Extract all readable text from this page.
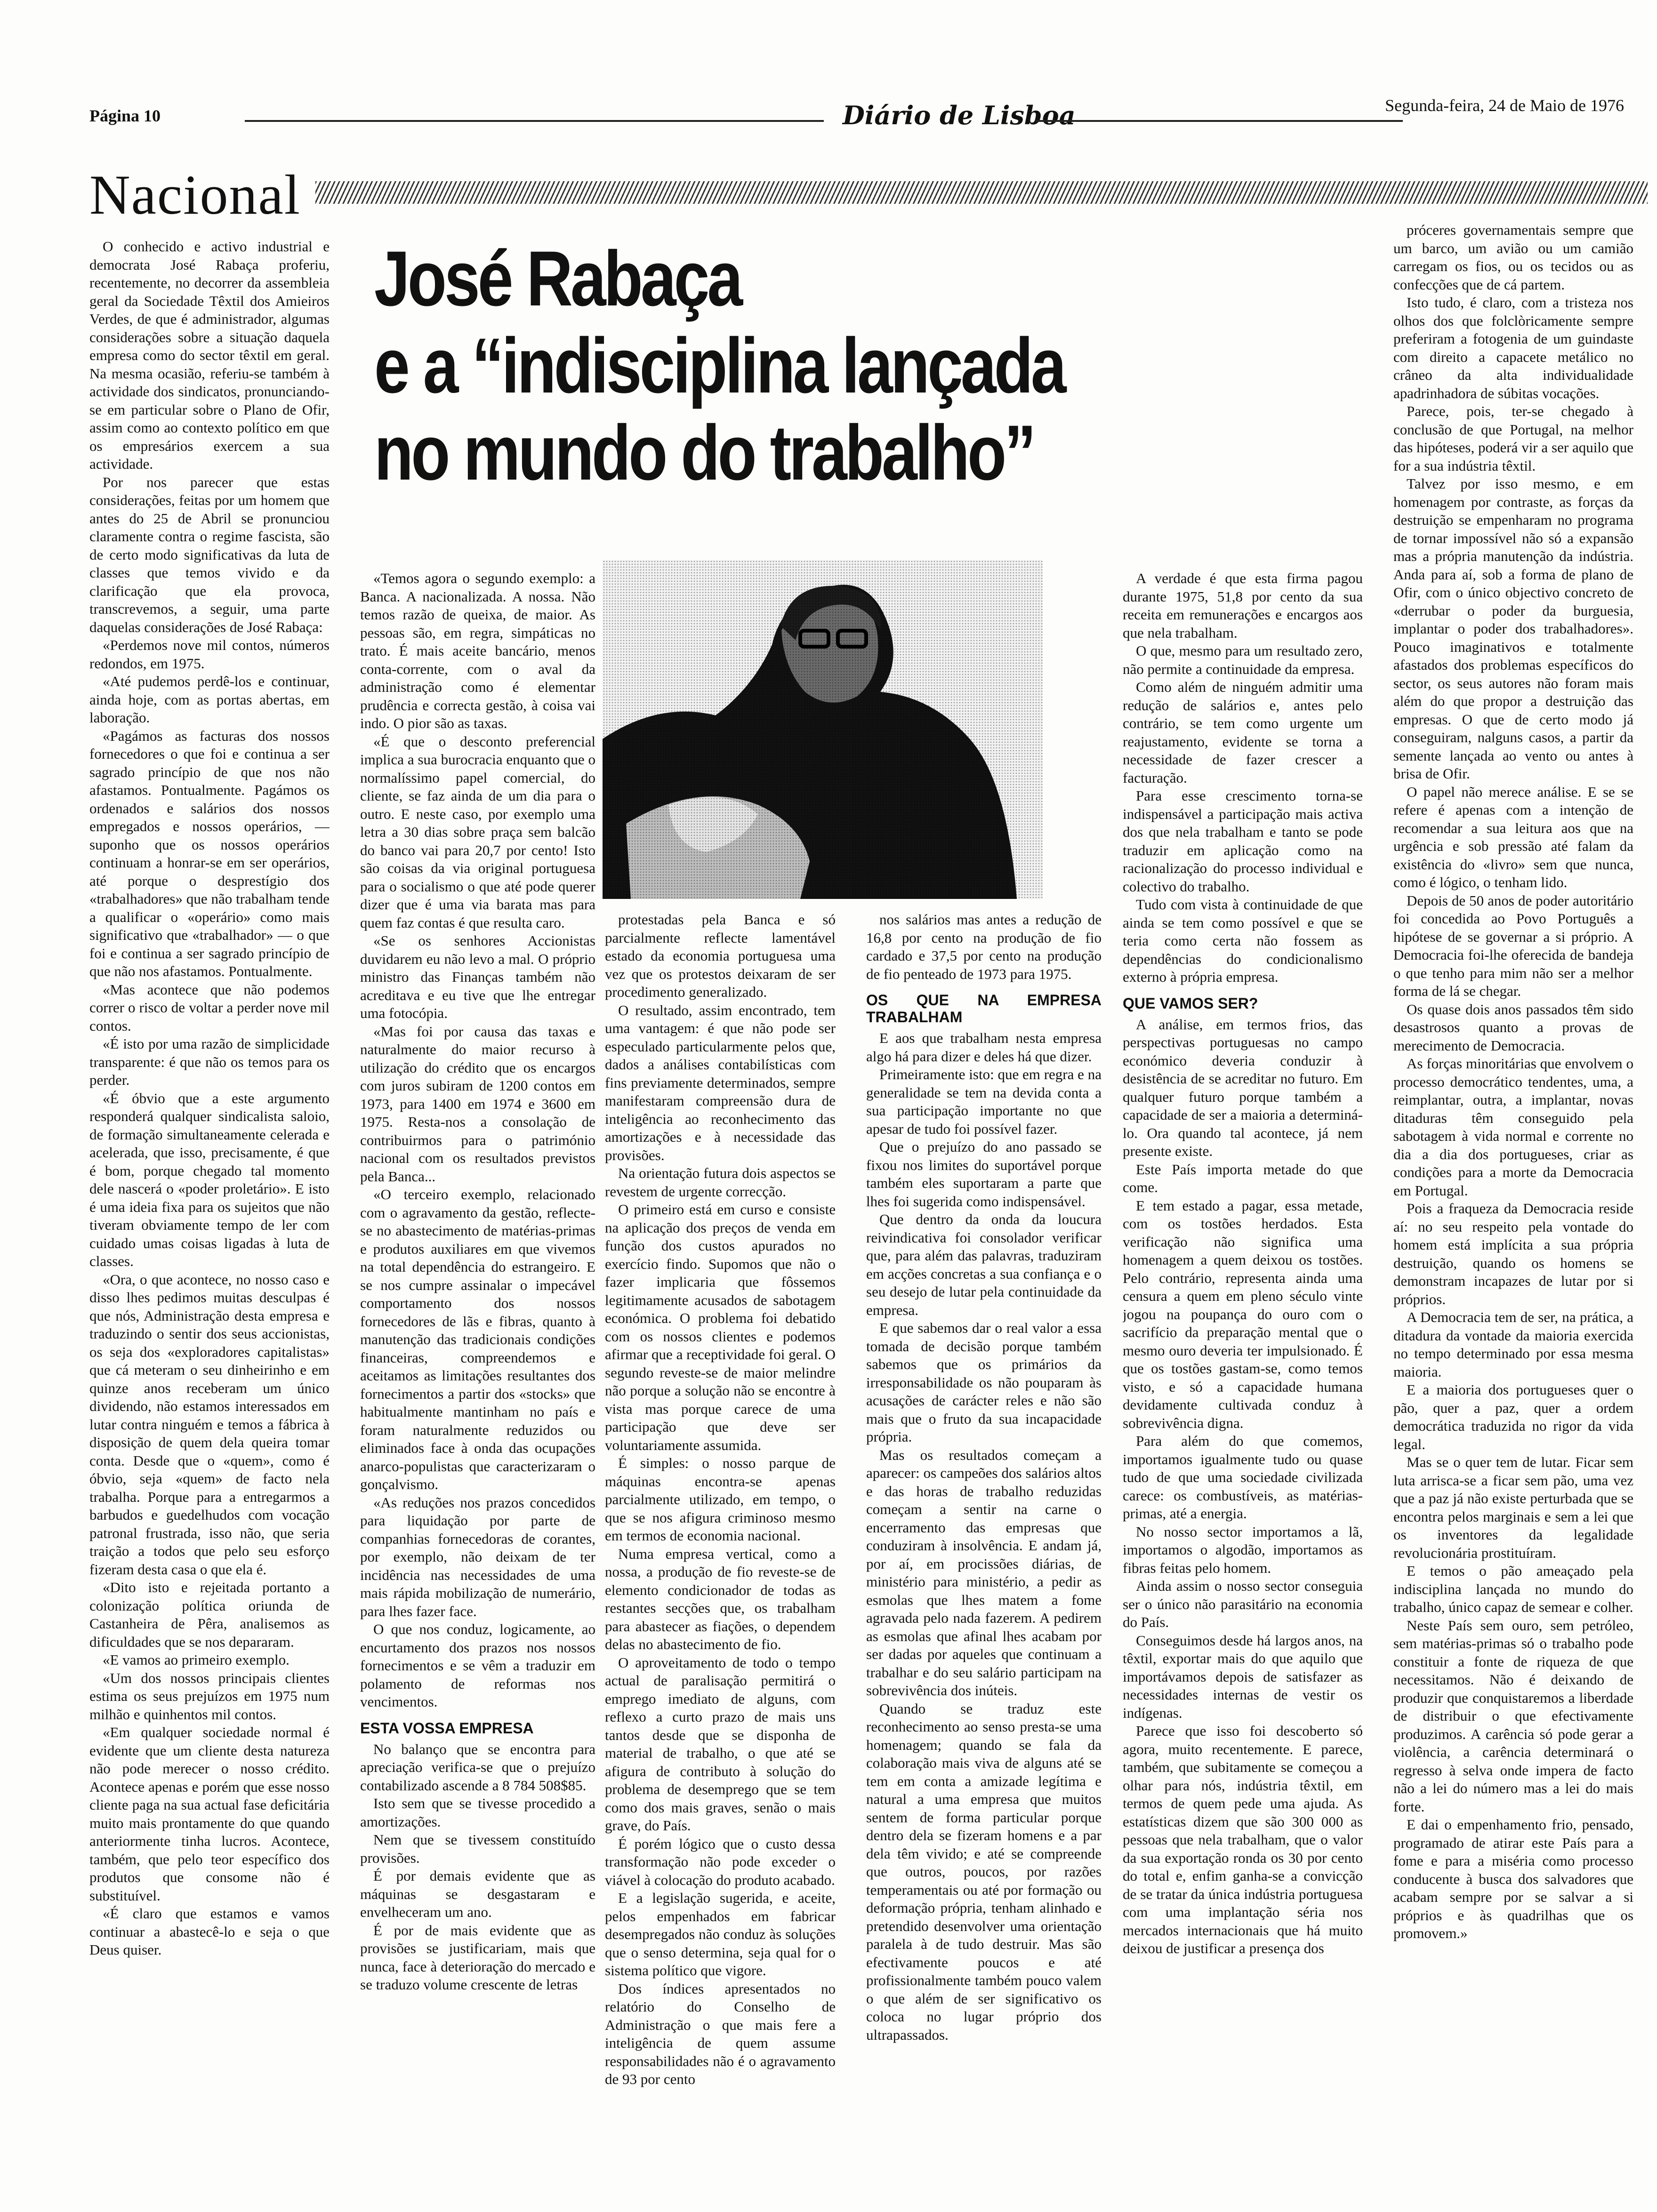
Página 10	Diário de Lisboa	Segunda-feira, 24 de Maio de 1976
Nacional
José Rabaça
e a “indisciplina lançada
no mundo do trabalho”

O conhecido e activo industrial e democrata José Rabaça proferiu, recentemente, no decorrer da assembleia geral da Sociedade Têxtil dos Amieiros Verdes, de que é administrador, algumas considerações sobre a situação daquela empresa como do sector têxtil em geral. Na mesma ocasião, referiu-se também à actividade dos sindicatos, pronunciando-se em particular sobre o Plano de Ofir, assim como ao contexto político em que os empresários exercem a sua actividade.

Por nos parecer que estas considerações, feitas por um homem que antes do 25 de Abril se pronunciou claramente contra o regime fascista, são de certo modo significativas da luta de classes que temos vivido e da clarificação que ela provoca, transcrevemos, a seguir, uma parte daquelas considerações de José Rabaça:

«Perdemos nove mil contos, números redondos, em 1975.

«Até pudemos perdê-los e continuar, ainda hoje, com as portas abertas, em laboração.

«Pagámos as facturas dos nossos fornecedores o que foi e continua a ser sagrado princípio de que nos não afastamos. Pontualmente. Pagámos os ordenados e salários dos nossos empregados e nossos operários, — suponho que os nossos operários continuam a honrar-se em ser operários, até porque o desprestígio dos «trabalhadores» que não trabalham tende a qualificar o «operário» como mais significativo que «trabalhador» — o que foi e continua a ser sagrado princípio de que não nos afastamos. Pontualmente.

«Mas acontece que não podemos correr o risco de voltar a perder nove mil contos.

«É isto por uma razão de simplicidade transparente: é que não os temos para os perder.

«É óbvio que a este argumento responderá qualquer sindicalista saloio, de formação simultaneamente celerada e acelerada, que isso, precisamente, é que é bom, porque chegado tal momento dele nascerá o «poder proletário». E isto é uma ideia fixa para os sujeitos que não tiveram obviamente tempo de ler com cuidado umas coisas ligadas à luta de classes.

«Ora, o que acontece, no nosso caso e disso lhes pedimos muitas desculpas é que nós, Administração desta empresa e traduzindo o sentir dos seus accionistas, os seja dos «exploradores capitalistas» que cá meteram o seu dinheirinho e em quinze anos receberam um único dividendo, não estamos interessados em lutar contra ninguém e temos a fábrica à disposição de quem dela queira tomar conta. Desde que o «quem», como é óbvio, seja «quem» de facto nela trabalha. Porque para a entregarmos a barbudos e guedelhudos com vocação patronal frustrada, isso não, que seria traição a todos que pelo seu esforço fizeram desta casa o que ela é.

«Dito isto e rejeitada portanto a colonização política oriunda de Castanheira de Pêra, analisemos as dificuldades que se nos depararam.

«E vamos ao primeiro exemplo.

«Um dos nossos principais clientes estima os seus prejuízos em 1975 num milhão e quinhentos mil contos.

«Em qualquer sociedade normal é evidente que um cliente desta natureza não pode merecer o nosso crédito. Acontece apenas e porém que esse nosso cliente paga na sua actual fase deficitária muito mais prontamente do que quando anteriormente tinha lucros. Acontece, também, que pelo teor específico dos produtos que consome não é substituível.

«É claro que estamos e vamos continuar a abastecê-lo e seja o que Deus quiser.

«Temos agora o segundo exemplo: a Banca. A nacionalizada. A nossa. Não temos razão de queixa, de maior. As pessoas são, em regra, simpáticas no trato. É mais aceite bancário, menos conta-corrente, com o aval da administração como é elementar prudência e correcta gestão, à coisa vai indo. O pior são as taxas.

«É que o desconto preferencial implica a sua burocracia enquanto que o normalíssimo papel comercial, do cliente, se faz ainda de um dia para o outro. E neste caso, por exemplo uma letra a 30 dias sobre praça sem balcão do banco vai para 20,7 por cento! Isto são coisas da via original portuguesa para o socialismo o que até pode querer dizer que é uma via barata mas para quem faz contas é que resulta caro.

«Se os senhores Accionistas duvidarem eu não levo a mal. O próprio ministro das Finanças também não acreditava e eu tive que lhe entregar uma fotocópia.

«Mas foi por causa das taxas e naturalmente do maior recurso à utilização do crédito que os encargos com juros subiram de 1200 contos em 1973, para 1400 em 1974 e 3600 em 1975. Resta-nos a consolação de contribuirmos para o património nacional com os resultados previstos pela Banca...

«O terceiro exemplo, relacionado com o agravamento da gestão, reflecte-se no abastecimento de matérias-primas e produtos auxiliares em que vivemos na total dependência do estrangeiro. E se nos cumpre assinalar o impecável comportamento dos nossos fornecedores de lãs e fibras, quanto à manutenção das tradicionais condições financeiras, compreendemos e aceitamos as limitações resultantes dos fornecimentos a partir dos «stocks» que habitualmente mantinham no país e foram naturalmente reduzidos ou eliminados face à onda das ocupações anarco-populistas que caracterizaram o gonçalvismo.

«As reduções nos prazos concedidos para liquidação por parte de companhias fornecedoras de corantes, por exemplo, não deixam de ter incidência nas necessidades de uma mais rápida mobilização de numerário, para lhes fazer face.

O que nos conduz, logicamente, ao encurtamento dos prazos nos nossos fornecimentos e se vêm a traduzir em polamento de reformas nos vencimentos.

ESTA VOSSA EMPRESA

No balanço que se encontra para apreciação verifica-se que o prejuízo contabilizado ascende a 8 784 508$85.

Isto sem que se tivesse procedido a amortizações.

Nem que se tivessem constituído provisões.

É por demais evidente que as máquinas se desgastaram e envelheceram um ano.

É por de mais evidente que as provisões se justificariam, mais que nunca, face à deterioração do mercado e se traduzo volume crescente de letras

protestadas pela Banca e só parcialmente reflecte lamentável estado da economia portuguesa uma vez que os protestos deixaram de ser procedimento generalizado.

O resultado, assim encontrado, tem uma vantagem: é que não pode ser especulado particularmente pelos que, dados a análises contabilísticas com fins previamente determinados, sempre manifestaram compreensão dura de inteligência ao reconhecimento das amortizações e à necessidade das provisões.

Na orientação futura dois aspectos se revestem de urgente correcção.

O primeiro está em curso e consiste na aplicação dos preços de venda em função dos custos apurados no exercício findo. Supomos que não o fazer implicaria que fôssemos legitimamente acusados de sabotagem económica. O problema foi debatido com os nossos clientes e podemos afirmar que a receptividade foi geral. O segundo reveste-se de maior melindre não porque a solução não se encontre à vista mas porque carece de uma participação que deve ser voluntariamente assumida.

É simples: o nosso parque de máquinas encontra-se apenas parcialmente utilizado, em tempo, o que se nos afigura criminoso mesmo em termos de economia nacional.

Numa empresa vertical, como a nossa, a produção de fio reveste-se de elemento condicionador de todas as restantes secções que, os trabalham para abastecer as fiações, o dependem delas no abastecimento de fio.

O aproveitamento de todo o tempo actual de paralisação permitirá o emprego imediato de alguns, com reflexo a curto prazo de mais uns tantos desde que se disponha de material de trabalho, o que até se afigura de contributo à solução do problema de desemprego que se tem como dos mais graves, senão o mais grave, do País.

É porém lógico que o custo dessa transformação não pode exceder o viável à colocação do produto acabado.

E a legislação sugerida, e aceite, pelos empenhados em fabricar desempregados não conduz às soluções que o senso determina, seja qual for o sistema político que vigore.

Dos índices apresentados no relatório do Conselho de Administração o que mais fere a inteligência de quem assume responsabilidades não é o agravamento de 93 por cento

nos salários mas antes a redução de 16,8 por cento na produção de fio cardado e 37,5 por cento na produção de fio penteado de 1973 para 1975.

OS QUE NA EMPRESA TRABALHAM

E aos que trabalham nesta empresa algo há para dizer e deles há que dizer.

Primeiramente isto: que em regra e na generalidade se tem na devida conta a sua participação importante no que apesar de tudo foi possível fazer.

Que o prejuízo do ano passado se fixou nos limites do suportável porque também eles suportaram a parte que lhes foi sugerida como indispensável.

Que dentro da onda da loucura reivindicativa foi consolador verificar que, para além das palavras, traduziram em acções concretas a sua confiança e o seu desejo de lutar pela continuidade da empresa.

E que sabemos dar o real valor a essa tomada de decisão porque também sabemos que os primários da irresponsabilidade os não pouparam às acusações de carácter reles e não são mais que o fruto da sua incapacidade própria.

Mas os resultados começam a aparecer: os campeões dos salários altos e das horas de trabalho reduzidas começam a sentir na carne o encerramento das empresas que conduziram à insolvência. E andam já, por aí, em procissões diárias, de ministério para ministério, a pedir as esmolas que lhes matem a fome agravada pelo nada fazerem. A pedirem as esmolas que afinal lhes acabam por ser dadas por aqueles que continuam a trabalhar e do seu salário participam na sobrevivência dos inúteis.

Quando se traduz este reconhecimento ao senso presta-se uma homenagem; quando se fala da colaboração mais viva de alguns até se tem em conta a amizade legítima e natural a uma empresa que muitos sentem de forma particular porque dentro dela se fizeram homens e a par dela têm vivido; e até se compreende que outros, poucos, por razões temperamentais ou até por formação ou deformação própria, tenham alinhado e pretendido desenvolver uma orientação paralela à de tudo destruir. Mas são efectivamente poucos e até profissionalmente também pouco valem o que além de ser significativo os coloca no lugar próprio dos ultrapassados.

A verdade é que esta firma pagou durante 1975, 51,8 por cento da sua receita em remunerações e encargos aos que nela trabalham.

O que, mesmo para um resultado zero, não permite a continuidade da empresa.

Como além de ninguém admitir uma redução de salários e, antes pelo contrário, se tem como urgente um reajustamento, evidente se torna a necessidade de fazer crescer a facturação.

Para esse crescimento torna-se indispensável a participação mais activa dos que nela trabalham e tanto se pode traduzir em aplicação como na racionalização do processo individual e colectivo do trabalho.

Tudo com vista à continuidade de que ainda se tem como possível e que se teria como certa não fossem as dependências do condicionalismo externo à própria empresa.

QUE VAMOS SER?

A análise, em termos frios, das perspectivas portuguesas no campo económico deveria conduzir à desistência de se acreditar no futuro. Em qualquer futuro porque também a capacidade de ser a maioria a determiná-lo. Ora quando tal acontece, já nem presente existe.

Este País importa metade do que come.

E tem estado a pagar, essa metade, com os tostões herdados. Esta verificação não significa uma homenagem a quem deixou os tostões. Pelo contrário, representa ainda uma censura a quem em pleno século vinte jogou na poupança do ouro com o sacrifício da preparação mental que o mesmo ouro deveria ter impulsionado. É que os tostões gastam-se, como temos visto, e só a capacidade humana devidamente cultivada conduz à sobrevivência digna.

Para além do que comemos, importamos igualmente tudo ou quase tudo de que uma sociedade civilizada carece: os combustíveis, as matérias-primas, até a energia.

No nosso sector importamos a lã, importamos o algodão, importamos as fibras feitas pelo homem.

Ainda assim o nosso sector conseguia ser o único não parasitário na economia do País.

Conseguimos desde há largos anos, na têxtil, exportar mais do que aquilo que importávamos depois de satisfazer as necessidades internas de vestir os indígenas.

Parece que isso foi descoberto só agora, muito recentemente. E parece, também, que subitamente se começou a olhar para nós, indústria têxtil, em termos de quem pede uma ajuda. As estatísticas dizem que são 300 000 as pessoas que nela trabalham, que o valor da sua exportação ronda os 30 por cento do total e, enfim ganha-se a convicção de se tratar da única indústria portuguesa com uma implantação séria nos mercados internacionais que há muito deixou de justificar a presença dos

próceres governamentais sempre que um barco, um avião ou um camião carregam os fios, ou os tecidos ou as confecções que de cá partem.

Isto tudo, é claro, com a tristeza nos olhos dos que folclòricamente sempre preferiram a fotogenia de um guindaste com direito a capacete metálico no crâneo da alta individualidade apadrinhadora de súbitas vocações.

Parece, pois, ter-se chegado à conclusão de que Portugal, na melhor das hipóteses, poderá vir a ser aquilo que for a sua indústria têxtil.

Talvez por isso mesmo, e em homenagem por contraste, as forças da destruição se empenharam no programa de tornar impossível não só a expansão mas a própria manutenção da indústria. Anda para aí, sob a forma de plano de Ofir, com o único objectivo concreto de «derrubar o poder da burguesia, implantar o poder dos trabalhadores». Pouco imaginativos e totalmente afastados dos problemas específicos do sector, os seus autores não foram mais além do que propor a destruição das empresas. O que de certo modo já conseguiram, nalguns casos, a partir da semente lançada ao vento ou antes à brisa de Ofir.

O papel não merece análise. E se se refere é apenas com a intenção de recomendar a sua leitura aos que na urgência e sob pressão até falam da existência do «livro» sem que nunca, como é lógico, o tenham lido.

Depois de 50 anos de poder autoritário foi concedida ao Povo Português a hipótese de se governar a si próprio. A Democracia foi-lhe oferecida de bandeja o que tenho para mim não ser a melhor forma de lá se chegar.

Os quase dois anos passados têm sido desastrosos quanto a provas de merecimento de Democracia.

As forças minoritárias que envolvem o processo democrático tendentes, uma, a reimplantar, outra, a implantar, novas ditaduras têm conseguido pela sabotagem à vida normal e corrente no dia a dia dos portugueses, criar as condições para a morte da Democracia em Portugal.

Pois a fraqueza da Democracia reside aí: no seu respeito pela vontade do homem está implícita a sua própria destruição, quando os homens se demonstram incapazes de lutar por si próprios.

A Democracia tem de ser, na prática, a ditadura da vontade da maioria exercida no tempo determinado por essa mesma maioria.

E a maioria dos portugueses quer o pão, quer a paz, quer a ordem democrática traduzida no rigor da vida legal.

Mas se o quer tem de lutar. Ficar sem luta arrisca-se a ficar sem pão, uma vez que a paz já não existe perturbada que se encontra pelos marginais e sem a lei que os inventores da legalidade revolucionária prostituíram.

E temos o pão ameaçado pela indisciplina lançada no mundo do trabalho, único capaz de semear e colher.

Neste País sem ouro, sem petróleo, sem matérias-primas só o trabalho pode constituir a fonte de riqueza de que necessitamos. Não é deixando de produzir que conquistaremos a liberdade de distribuir o que efectivamente produzimos. A carência só pode gerar a violência, a carência determinará o regresso à selva onde impera de facto não a lei do número mas a lei do mais forte.

E dai o empenhamento frio, pensado, programado de atirar este País para a fome e para a miséria como processo conducente à busca dos salvadores que acabam sempre por se salvar a si próprios e às quadrilhas que os promovem.»
